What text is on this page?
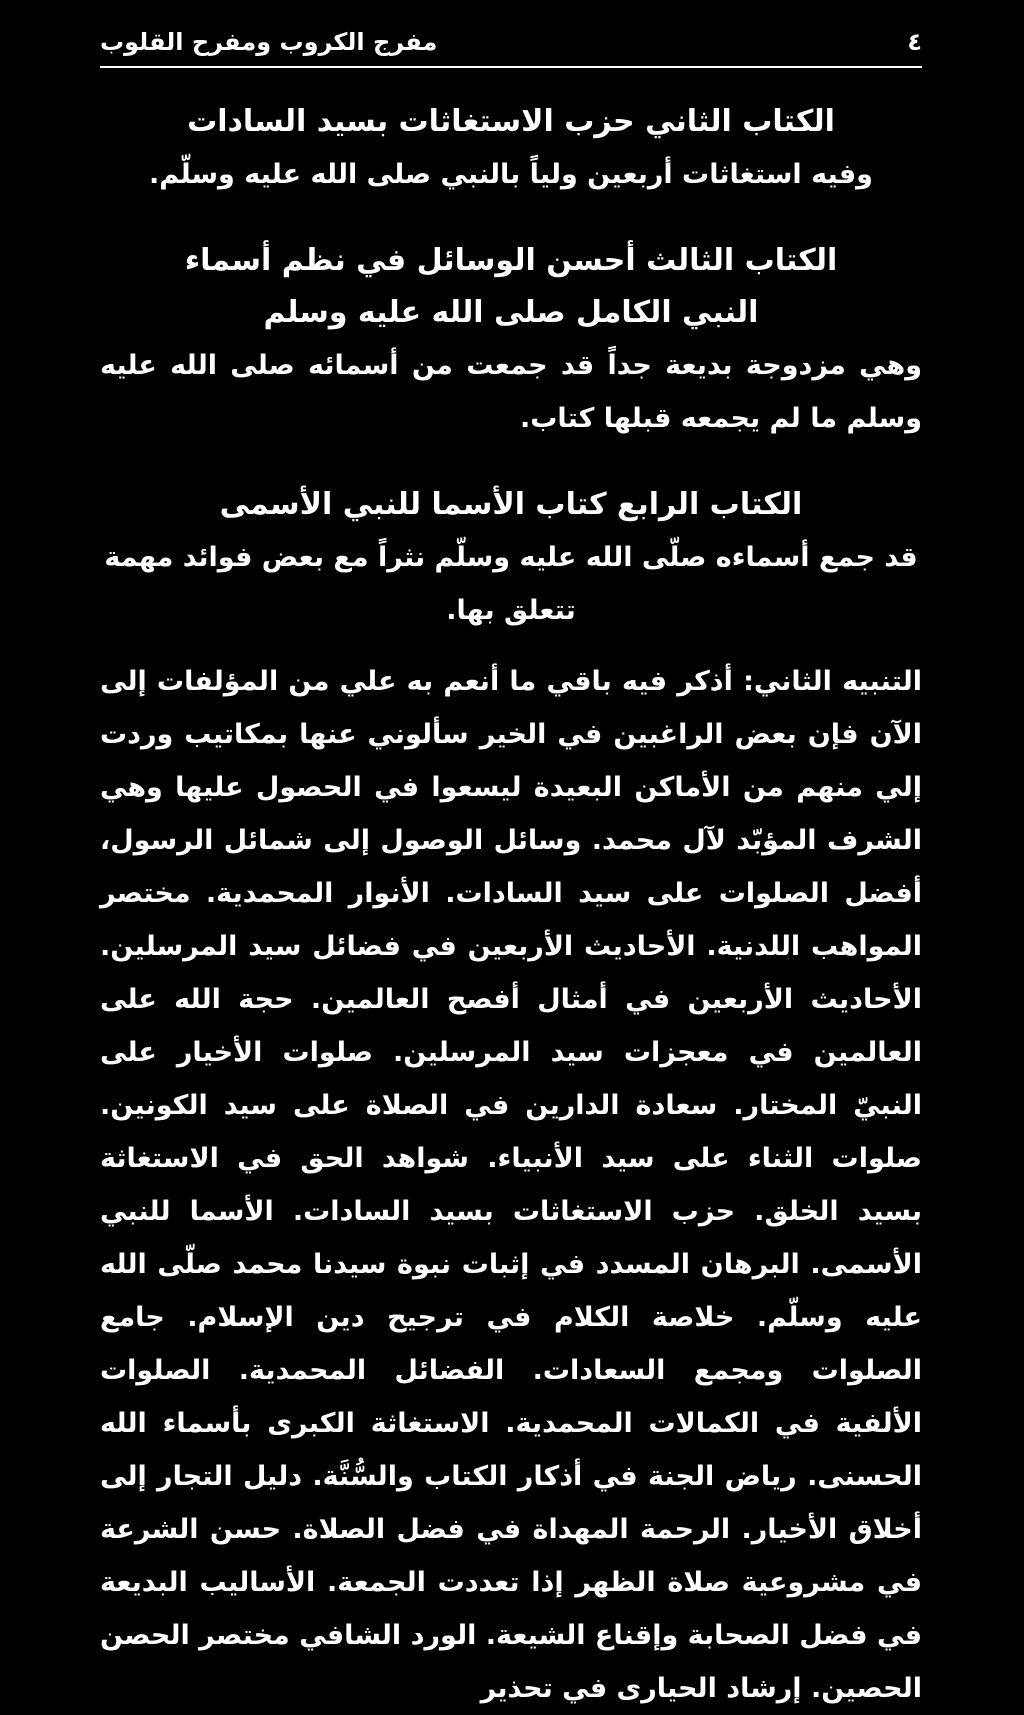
مفرج الكروب ومفرح القلوب	٤

الكتاب الثاني حزب الاستغاثات بسيد السادات

وفيه استغاثات أربعين ولياً بالنبي صلى الله عليه وسلّم.

الكتاب الثالث أحسن الوسائل في نظم أسماء

النبي الكامل صلى الله عليه وسلم

وهي مزدوجة بديعة جداً قد جمعت من أسمائه صلى الله عليه وسلم ما لم يجمعه قبلها كتاب.

الكتاب الرابع كتاب الأسما للنبي الأسمى

قد جمع أسماءه صلّى الله عليه وسلّم نثراً مع بعض فوائد مهمة تتعلق بها.

التنبيه الثاني: أذكر فيه باقي ما أنعم به علي من المؤلفات إلى الآن فإن بعض الراغبين في الخير سألوني عنها بمكاتيب وردت إلي منهم من الأماكن البعيدة ليسعوا في الحصول عليها وهي الشرف المؤبّد لآل محمد. وسائل الوصول إلى شمائل الرسول، أفضل الصلوات على سيد السادات. الأنوار المحمدية. مختصر المواهب اللدنية. الأحاديث الأربعين في فضائل سيد المرسلين. الأحاديث الأربعين في أمثال أفصح العالمين. حجة الله على العالمين في معجزات سيد المرسلين. صلوات الأخيار على النبيّ المختار. سعادة الدارين في الصلاة على سيد الكونين. صلوات الثناء على سيد الأنبياء. شواهد الحق في الاستغاثة بسيد الخلق. حزب الاستغاثات بسيد السادات. الأسما للنبي الأسمى. البرهان المسدد في إثبات نبوة سيدنا محمد صلّى الله عليه وسلّم. خلاصة الكلام في ترجيح دين الإسلام. جامع الصلوات ومجمع السعادات. الفضائل المحمدية. الصلوات الألفية في الكمالات المحمدية. الاستغاثة الكبرى بأسماء الله الحسنى. رياض الجنة في أذكار الكتاب والسُّنَّة. دليل التجار إلى أخلاق الأخيار. الرحمة المهداة في فضل الصلاة. حسن الشرعة في مشروعية صلاة الظهر إذا تعددت الجمعة. الأساليب البديعة في فضل الصحابة وإقناع الشيعة. الورد الشافي مختصر الحصن الحصين. إرشاد الحيارى في تحذير
